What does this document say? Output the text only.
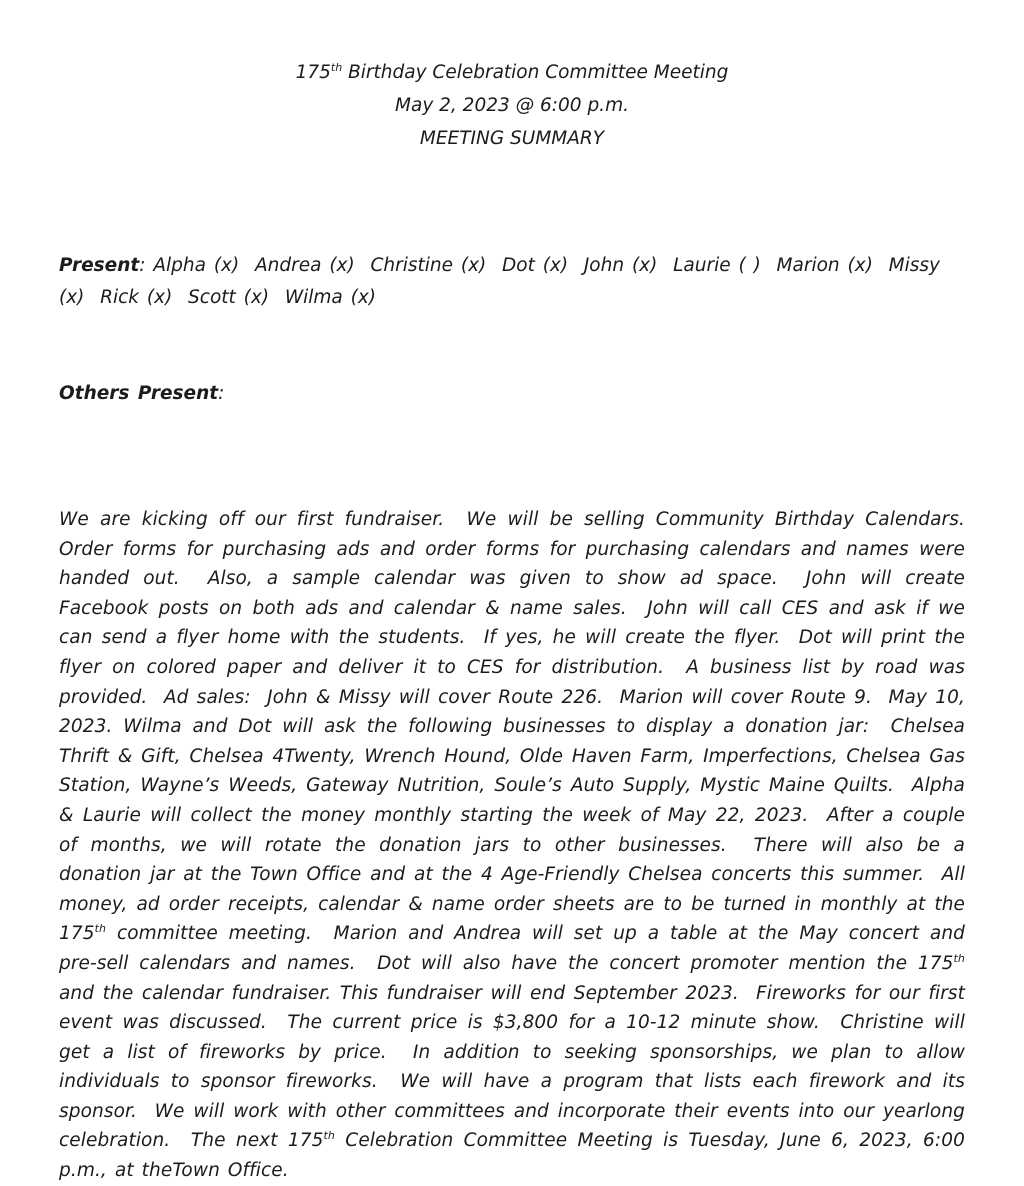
175th Birthday Celebration Committee Meeting
May 2, 2023 @ 6:00 p.m.
MEETING SUMMARY

Present: Alpha (x)  Andrea (x)  Christine (x)  Dot (x)  John (x)  Laurie ( )  Marion (x)  Missy (x)  Rick (x)  Scott (x)  Wilma (x)

Others Present:

We are kicking off our first fundraiser.  We will be selling Community Birthday Calendars.  Order forms for purchasing ads and order forms for purchasing calendars and names were handed out.  Also, a sample calendar was given to show ad space.  John will create Facebook posts on both ads and calendar & name sales.  John will call CES and ask if we can send a flyer home with the students.  If yes, he will create the flyer.  Dot will print the flyer on colored paper and deliver it to CES for distribution.  A business list by road was provided.  Ad sales:  John & Missy will cover Route 226.  Marion will cover Route 9.  May 10, 2023. Wilma and Dot will ask the following businesses to display a donation jar:  Chelsea Thrift & Gift, Chelsea 4Twenty, Wrench Hound, Olde Haven Farm, Imperfections, Chelsea Gas Station, Wayne’s Weeds, Gateway Nutrition, Soule’s Auto Supply, Mystic Maine Quilts.  Alpha & Laurie will collect the money monthly starting the week of May 22, 2023.  After a couple of months, we will rotate the donation jars to other businesses.  There will also be a donation jar at the Town Office and at the 4 Age-Friendly Chelsea concerts this summer.  All money, ad order receipts, calendar & name order sheets are to be turned in monthly at the 175th committee meeting.  Marion and Andrea will set up a table at the May concert and pre-sell calendars and names.  Dot will also have the concert promoter mention the 175th and the calendar fundraiser. This fundraiser will end September 2023.  Fireworks for our first event was discussed.  The current price is $3,800 for a 10-12 minute show.  Christine will get a list of fireworks by price.  In addition to seeking sponsorships, we plan to allow individuals to sponsor fireworks.  We will have a program that lists each firework and its sponsor.  We will work with other committees and incorporate their events into our yearlong celebration.  The next 175th Celebration Committee Meeting is Tuesday, June 6, 2023, 6:00 p.m., at theTown Office.
